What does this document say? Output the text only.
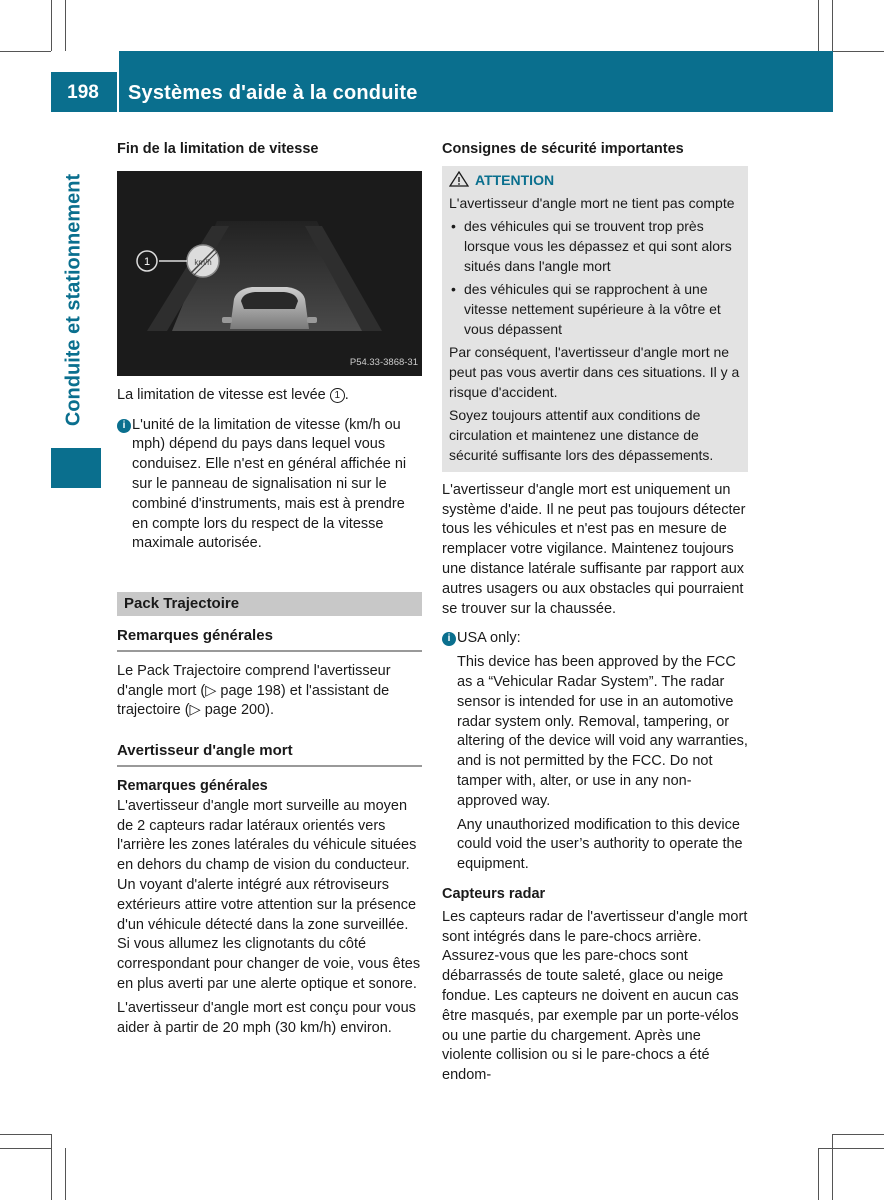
198	Systèmes d'aide à la conduite
Conduite et stationnement
Fin de la limitation de vitesse
km/h
1
P54.33-3868-31

La limitation de vitesse est levée 1 .

i L'unité de la limitation de vitesse (km/h ou mph) dépend du pays dans lequel vous conduisez. Elle n'est en général affichée ni sur le panneau de signalisation ni sur le combiné d'instruments, mais est à prendre en compte lors du respect de la vitesse maximale autorisée.

Pack Trajectoire
Remarques générales

Le Pack Trajectoire comprend l'avertisseur d'angle mort (▷ page 198) et l'assistant de trajectoire (▷ page 200).

Avertisseur d'angle mort
Remarques générales

L'avertisseur d'angle mort surveille au moyen de 2 capteurs radar latéraux orientés vers l'arrière les zones latérales du véhicule situées en dehors du champ de vision du conducteur. Un voyant d'alerte intégré aux rétroviseurs extérieurs attire votre attention sur la présence d'un véhicule détecté dans la zone surveillée. Si vous allumez les clignotants du côté correspondant pour changer de voie, vous êtes en plus averti par une alerte optique et sonore.

L'avertisseur d'angle mort est conçu pour vous aider à partir de 20 mph (30 km/h) environ.

Consignes de sécurité importantes
ATTENTION

L'avertisseur d'angle mort ne tient pas compte

• des véhicules qui se trouvent trop près lorsque vous les dépassez et qui sont alors situés dans l'angle mort
• des véhicules qui se rapprochent à une vitesse nettement supérieure à la vôtre et vous dépassent

Par conséquent, l'avertisseur d'angle mort ne peut pas vous avertir dans ces situations. Il y a risque d'accident.

Soyez toujours attentif aux conditions de circulation et maintenez une distance de sécurité suffisante lors des dépassements.

L'avertisseur d'angle mort est uniquement un système d'aide. Il ne peut pas toujours détecter tous les véhicules et n'est pas en mesure de remplacer votre vigilance. Maintenez toujours une distance latérale suffisante par rapport aux autres usagers ou aux obstacles qui pourraient se trouver sur la chaussée.

i USA only:

This device has been approved by the FCC as a “Vehicular Radar System”. The radar sensor is intended for use in an automotive radar system only. Removal, tampering, or altering of the device will void any warranties, and is not permitted by the FCC. Do not tamper with, alter, or use in any non-approved way.

Any unauthorized modification to this device could void the user’s authority to operate the equipment.

Capteurs radar

Les capteurs radar de l'avertisseur d'angle mort sont intégrés dans le pare-chocs arrière. Assurez-vous que les pare-chocs sont débarrassés de toute saleté, glace ou neige fondue. Les capteurs ne doivent en aucun cas être masqués, par exemple par un porte-vélos ou une partie du chargement. Après une violente collision ou si le pare-chocs a été endom-
